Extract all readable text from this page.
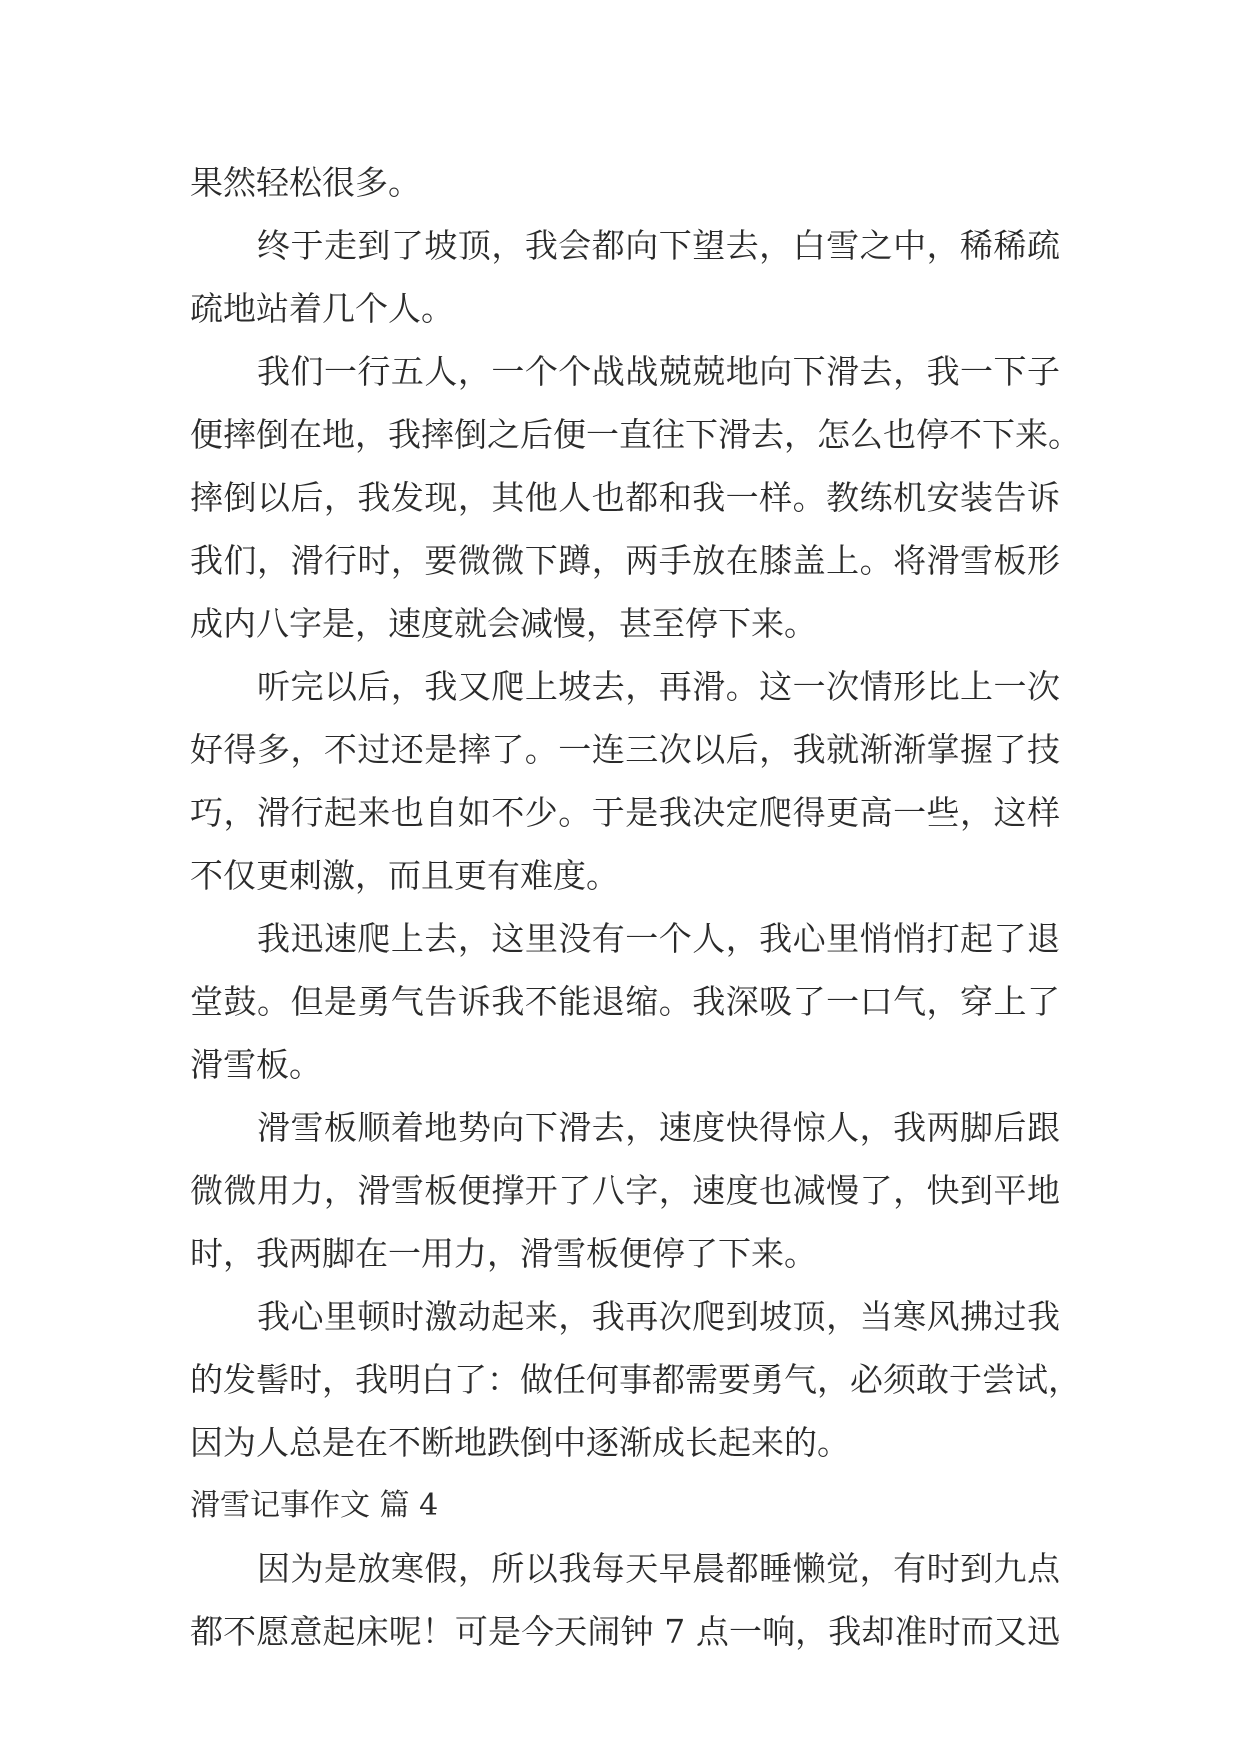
果然轻松很多。

终于走到了坡顶，我会都向下望去，白雪之中，稀稀疏

疏地站着几个人。

我们一行五人，一个个战战兢兢地向下滑去，我一下子

便摔倒在地，我摔倒之后便一直往下滑去，怎么也停不下来。

摔倒以后，我发现，其他人也都和我一样。教练机安装告诉

我们，滑行时，要微微下蹲，两手放在膝盖上。将滑雪板形

成内八字是，速度就会减慢，甚至停下来。

听完以后，我又爬上坡去，再滑。这一次情形比上一次

好得多，不过还是摔了。一连三次以后，我就渐渐掌握了技

巧，滑行起来也自如不少。于是我决定爬得更高一些，这样

不仅更刺激，而且更有难度。

我迅速爬上去，这里没有一个人，我心里悄悄打起了退

堂鼓。但是勇气告诉我不能退缩。我深吸了一口气，穿上了

滑雪板。

滑雪板顺着地势向下滑去，速度快得惊人，我两脚后跟

微微用力，滑雪板便撑开了八字，速度也减慢了，快到平地

时，我两脚在一用力，滑雪板便停了下来。

我心里顿时激动起来，我再次爬到坡顶，当寒风拂过我

的发髻时，我明白了：做任何事都需要勇气，必须敢于尝试，

因为人总是在不断地跌倒中逐渐成长起来的。

滑雪记事作文 篇 4

因为是放寒假，所以我每天早晨都睡懒觉，有时到九点

都不愿意起床呢！可是今天闹钟 7 点一响，我却准时而又迅
